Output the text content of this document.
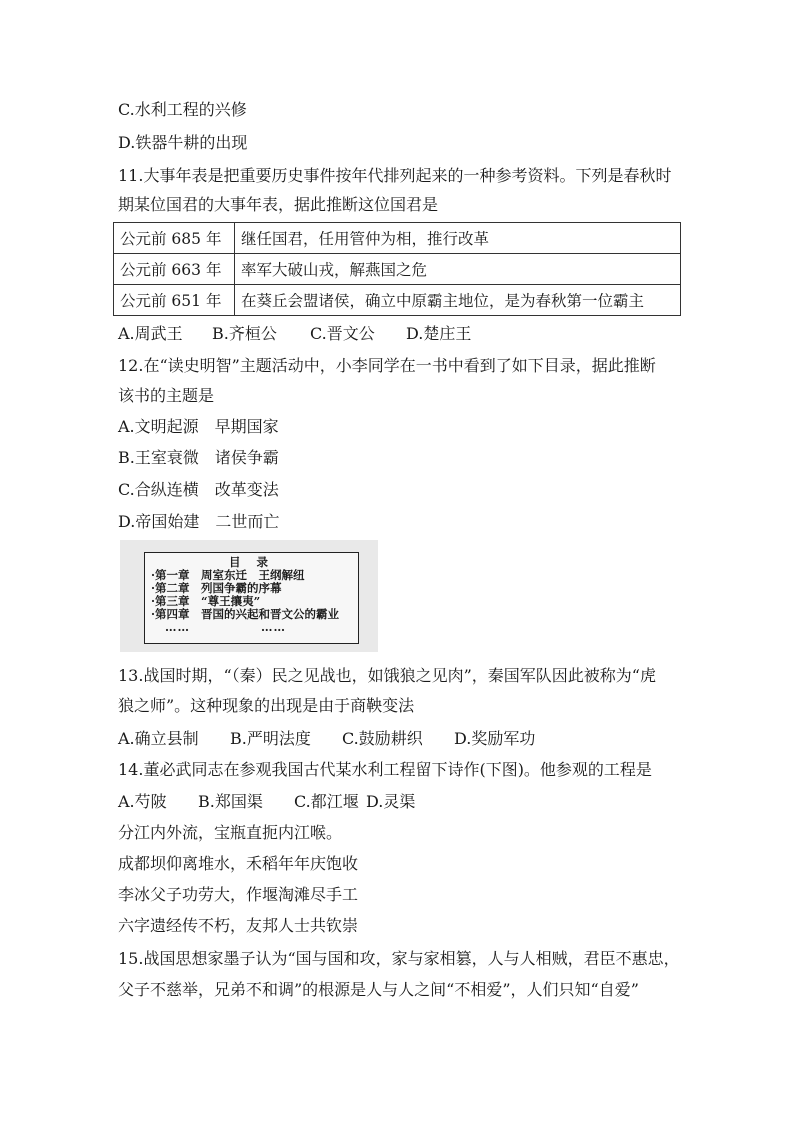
C.水利工程的兴修
D.铁器牛耕的出现
11.大事年表是把重要历史事件按年代排列起来的一种参考资料。下列是春秋时
期某位国君的大事年表，据此推断这位国君是
公元前 685 年	继任国君，任用管仲为相，推行改革
公元前 663 年	率军大破山戎，解燕国之危
公元前 651 年	在葵丘会盟诸侯，确立中原霸主地位，是为春秋第一位霸主
A.周武王 B.齐桓公 C.晋文公 D.楚庄王
12.在“读史明智”主题活动中，小李同学在一书中看到了如下目录，据此推断
该书的主题是
A.文明起源　早期国家
B.王室衰微　诸侯争霸
C.合纵连横　改革变法
D.帝国始建　二世而亡
目 录
·第一章　周室东迁　王纲解纽
·第二章　列国争霸的序幕
·第三章　“尊王攘夷”
·第四章　晋国的兴起和晋文公的霸业
……	……
13.战国时期，“（秦）民之见战也，如饿狼之见肉”，秦国军队因此被称为“虎
狼之师”。这种现象的出现是由于商鞅变法
A.确立县制 B.严明法度 C.鼓励耕织 D.奖励军功
14.董必武同志在参观我国古代某水利工程留下诗作(下图)。他参观的工程是
A.芍陂 B.郑国渠 C.都江堰 D.灵渠
分江内外流，宝瓶直扼内江喉。
成都坝仰离堆水，禾稻年年庆饱收
李冰父子功劳大，作堰淘滩尽手工
六字遗经传不朽，友邦人士共钦崇
15.战国思想家墨子认为“国与国和攻，家与家相篡，人与人相贼，君臣不惠忠，
父子不慈举，兄弟不和调”的根源是人与人之间“不相爱”，人们只知“自爱”
